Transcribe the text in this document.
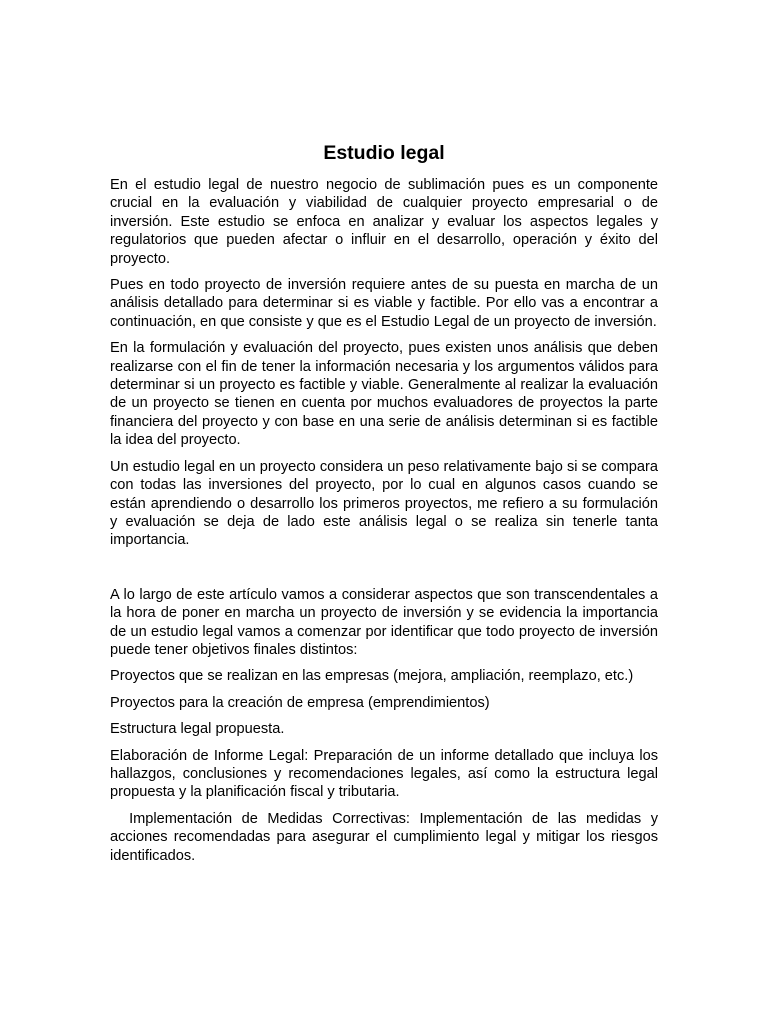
Estudio legal

En el estudio legal de nuestro negocio de sublimación pues es un componente crucial en la evaluación y viabilidad de cualquier proyecto empresarial o de inversión. Este estudio se enfoca en analizar y evaluar los aspectos legales y regulatorios que pueden afectar o influir en el desarrollo, operación y éxito del proyecto.

Pues en todo proyecto de inversión requiere antes de su puesta en marcha de un análisis detallado para determinar si es viable y factible. Por ello vas a encontrar a continuación, en que consiste y que es el Estudio Legal de un proyecto de inversión.

En la formulación y evaluación del proyecto, pues existen unos análisis que deben realizarse con el fin de tener la información necesaria y los argumentos válidos para determinar si un proyecto es factible y viable. Generalmente al realizar la evaluación de un proyecto se tienen en cuenta por muchos evaluadores de proyectos la parte financiera del proyecto y con base en una serie de análisis determinan si es factible la idea del proyecto.

Un estudio legal en un proyecto considera un peso relativamente bajo si se compara con todas las inversiones del proyecto, por lo cual en algunos casos cuando se están aprendiendo o desarrollo los primeros proyectos, me refiero a su formulación y evaluación se deja de lado este análisis legal o se realiza sin tenerle tanta importancia.

A lo largo de este artículo vamos a considerar aspectos que son transcendentales a la hora de poner en marcha un proyecto de inversión y se evidencia la importancia de un estudio legal vamos a comenzar por identificar que todo proyecto de inversión puede tener objetivos finales distintos:

Proyectos que se realizan en las empresas (mejora, ampliación, reemplazo, etc.)

Proyectos para la creación de empresa (emprendimientos)

Estructura legal propuesta.

Elaboración de Informe Legal: Preparación de un informe detallado que incluya los hallazgos, conclusiones y recomendaciones legales, así como la estructura legal propuesta y la planificación fiscal y tributaria.

Implementación de Medidas Correctivas: Implementación de las medidas y acciones recomendadas para asegurar el cumplimiento legal y mitigar los riesgos identificados.
